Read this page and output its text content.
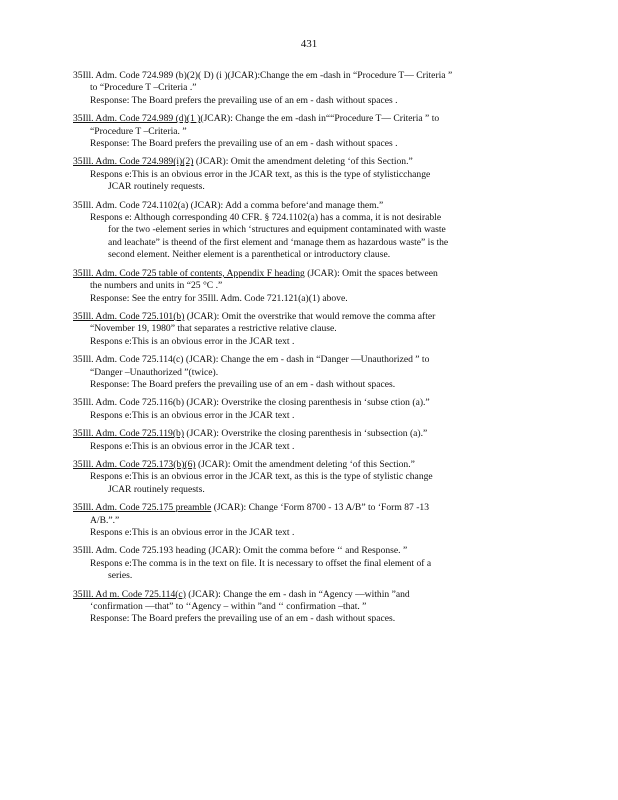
431
35Ill. Adm. Code 724.989 (b)(2)( D) (i )(JCAR):Change the em -dash in “Procedure T— Criteria ”
to “Procedure T –Criteria .”
Response: The Board prefers the prevailing use of an em - dash without spaces .
35Ill. Adm. Code 724.989 (d)(1 )(JCAR): Change the em -dash in““Procedure T— Criteria ” to
“Procedure T –Criteria. ”
Response: The Board prefers the prevailing use of an em - dash without spaces .
35Ill. Adm. Code 724.989(i)(2) (JCAR): Omit the amendment deleting ‘of this Section.”
Respons e:This is an obvious error in the JCAR text, as this is the type of stylisticchange
JCAR routinely requests.
35Ill. Adm. Code 724.1102(a) (JCAR): Add a comma before‘and manage them.”
Respons e: Although corresponding 40 CFR. § 724.1102(a) has a comma, it is not desirable
for the two -element series in which ‘structures and equipment contaminated with waste
and leachate” is theend of the first element and ‘manage them as hazardous waste” is the
second element. Neither element is a parenthetical or introductory clause.
35Ill. Adm. Code 725 table of contents, Appendix F heading (JCAR): Omit the spaces between
the numbers and units in “25 °C .”
Response: See the entry for 35Ill. Adm. Code 721.121(a)(1) above.
35Ill. Adm. Code 725.101(b) (JCAR): Omit the overstrike that would remove the comma after
“November 19, 1980” that separates a restrictive relative clause.
Respons e:This is an obvious error in the JCAR text .
35Ill. Adm. Code 725.114(c) (JCAR): Change the em - dash in “Danger —Unauthorized ” to
“Danger –Unauthorized ”(twice).
Response: The Board prefers the prevailing use of an em - dash without spaces.
35Ill. Adm. Code 725.116(b) (JCAR): Overstrike the closing parenthesis in ‘subse ction (a).”
Respons e:This is an obvious error in the JCAR text .
35Ill. Adm. Code 725.119(b) (JCAR): Overstrike the closing parenthesis in ‘subsection (a).”
Respons e:This is an obvious error in the JCAR text .
35Ill. Adm. Code 725.173(b)(6) (JCAR): Omit the amendment deleting ‘of this Section.”
Respons e:This is an obvious error in the JCAR text, as this is the type of stylistic change
JCAR routinely requests.
35Ill. Adm. Code 725.175 preamble (JCAR): Change ‘Form 8700 - 13 A/B” to ‘Form 87 -13
A/B.”.”
Respons e:This is an obvious error in the JCAR text .
35Ill. Adm. Code 725.193 heading (JCAR): Omit the comma before ‘‘ and Response. ”
Respons e:The comma is in the text on file. It is necessary to offset the final element of a
series.
35Ill. Ad m. Code 725.114(c) (JCAR): Change the em - dash in “Agency —within ”and
‘confirmation —that” to ‘‘Agency – within ”and ‘‘ confirmation –that. ”
Response: The Board prefers the prevailing use of an em - dash without spaces.
